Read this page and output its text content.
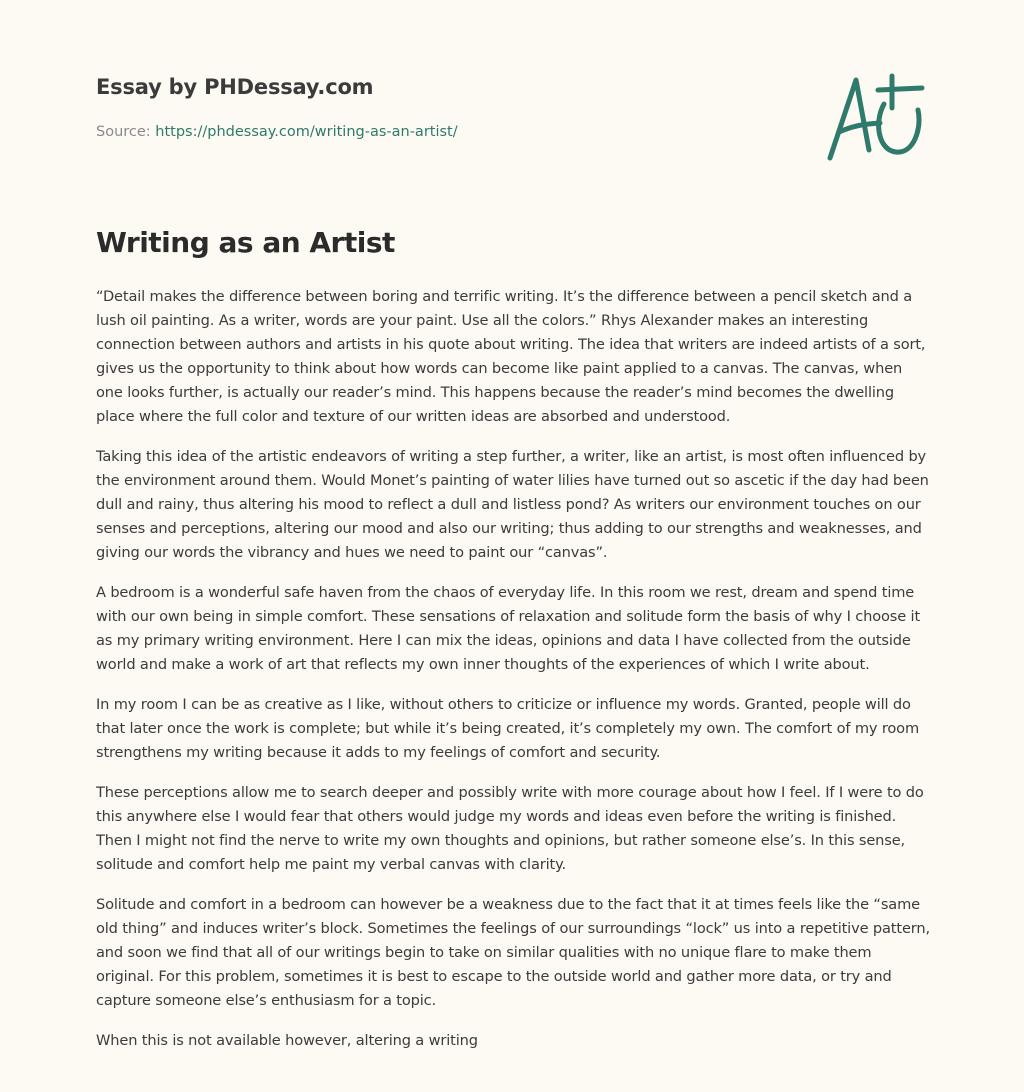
Essay by PHDessay.com
Source: https://phdessay.com/writing-as-an-artist/
Writing as an Artist

“Detail makes the difference between boring and terrific writing. It’s the difference between a pencil sketch and a lush oil painting. As a writer, words are your paint. Use all the colors.” Rhys Alexander makes an interesting connection between authors and artists in his quote about writing. The idea that writers are indeed artists of a sort, gives us the opportunity to think about how words can become like paint applied to a canvas. The canvas, when one looks further, is actually our reader’s mind. This happens because the reader’s mind becomes the dwelling place where the full color and texture of our written ideas are absorbed and understood.

Taking this idea of the artistic endeavors of writing a step further, a writer, like an artist, is most often influenced by the environment around them. Would Monet’s painting of water lilies have turned out so ascetic if the day had been dull and rainy, thus altering his mood to reflect a dull and listless pond? As writers our environment touches on our senses and perceptions, altering our mood and also our writing; thus adding to our strengths and weaknesses, and giving our words the vibrancy and hues we need to paint our “canvas”.

A bedroom is a wonderful safe haven from the chaos of everyday life. In this room we rest, dream and spend time with our own being in simple comfort. These sensations of relaxation and solitude form the basis of why I choose it as my primary writing environment. Here I can mix the ideas, opinions and data I have collected from the outside world and make a work of art that reflects my own inner thoughts of the experiences of which I write about.

In my room I can be as creative as I like, without others to criticize or influence my words. Granted, people will do that later once the work is complete; but while it’s being created, it’s completely my own. The comfort of my room strengthens my writing because it adds to my feelings of comfort and security.

These perceptions allow me to search deeper and possibly write with more courage about how I feel. If I were to do this anywhere else I would fear that others would judge my words and ideas even before the writing is finished. Then I might not find the nerve to write my own thoughts and opinions, but rather someone else’s. In this sense, solitude and comfort help me paint my verbal canvas with clarity.

Solitude and comfort in a bedroom can however be a weakness due to the fact that it at times feels like the “same old thing” and induces writer’s block. Sometimes the feelings of our surroundings “lock” us into a repetitive pattern, and soon we find that all of our writings begin to take on similar qualities with no unique flare to make them original. For this problem, sometimes it is best to escape to the outside world and gather more data, or try and capture someone else’s enthusiasm for a topic.

When this is not available however, altering a writing
